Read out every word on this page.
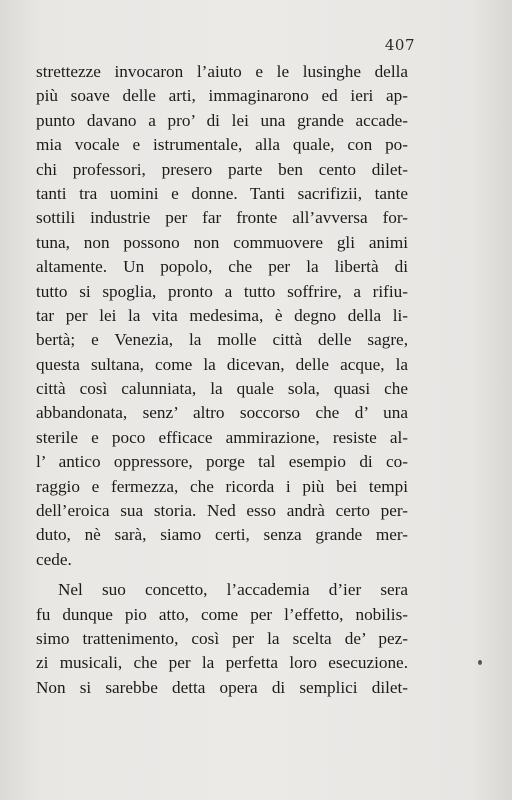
407
strettezze invocaron l’aiuto e le lusinghe della
più soave delle arti, immaginarono ed ieri ap-
punto davano a pro’ di lei una grande accade-
mia vocale e istrumentale, alla quale, con po-
chi professori, presero parte ben cento dilet-
tanti tra uomini e donne. Tanti sacrifizii, tante
sottili industrie per far fronte all’avversa for-
tuna, non possono non commuovere gli animi
altamente. Un popolo, che per la libertà di
tutto si spoglia, pronto a tutto soffrire, a rifiu-
tar per lei la vita medesima, è degno della li-
bertà; e Venezia, la molle città delle sagre,
questa sultana, come la dicevan, delle acque, la
città così calunniata, la quale sola, quasi che
abbandonata, senz’ altro soccorso che d’ una
sterile e poco efficace ammirazione, resiste al-
l’ antico oppressore, porge tal esempio di co-
raggio e fermezza, che ricorda i più bei tempi
dell’eroica sua storia. Ned esso andrà certo per-
duto, nè sarà, siamo certi, senza grande mer-
cede.
Nel suo concetto, l’accademia d’ier sera
fu dunque pio atto, come per l’effetto, nobilis-
simo trattenimento, così per la scelta de’ pez-
zi musicali, che per la perfetta loro esecuzione.
Non si sarebbe detta opera di semplici dilet-
